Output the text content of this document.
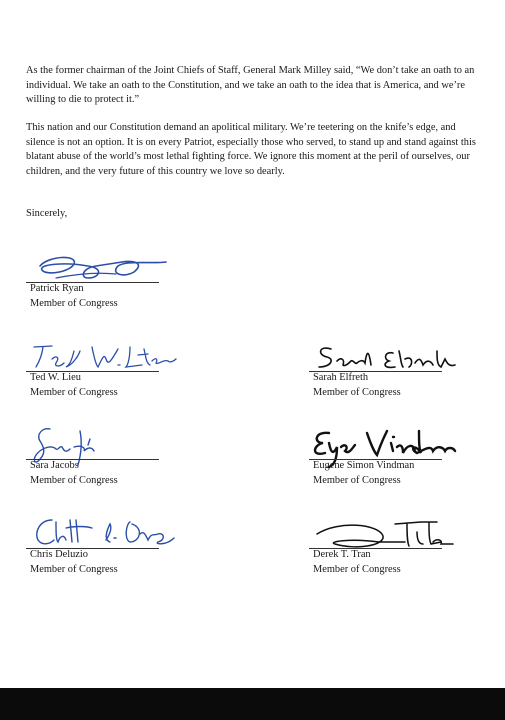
As the former chairman of the Joint Chiefs of Staff, General Mark Milley said, “We don’t take an oath to an individual. We take an oath to the Constitution, and we take an oath to the idea that is America, and we’re willing to die to protect it.”

This nation and our Constitution demand an apolitical military. We’re teetering on the knife’s edge, and silence is not an option. It is on every Patriot, especially those who served, to stand up and stand against this blatant abuse of the world’s most lethal fighting force. We ignore this moment at the peril of ourselves, our children, and the very future of this country we love so dearly.

Sincerely,

Patrick Ryan
Member of Congress
Ted W. Lieu
Member of Congress
Sarah Elfreth
Member of Congress
Sara Jacobs
Member of Congress
Eugene Simon Vindman
Member of Congress
Chris Deluzio
Member of Congress
Derek T. Tran
Member of Congress
